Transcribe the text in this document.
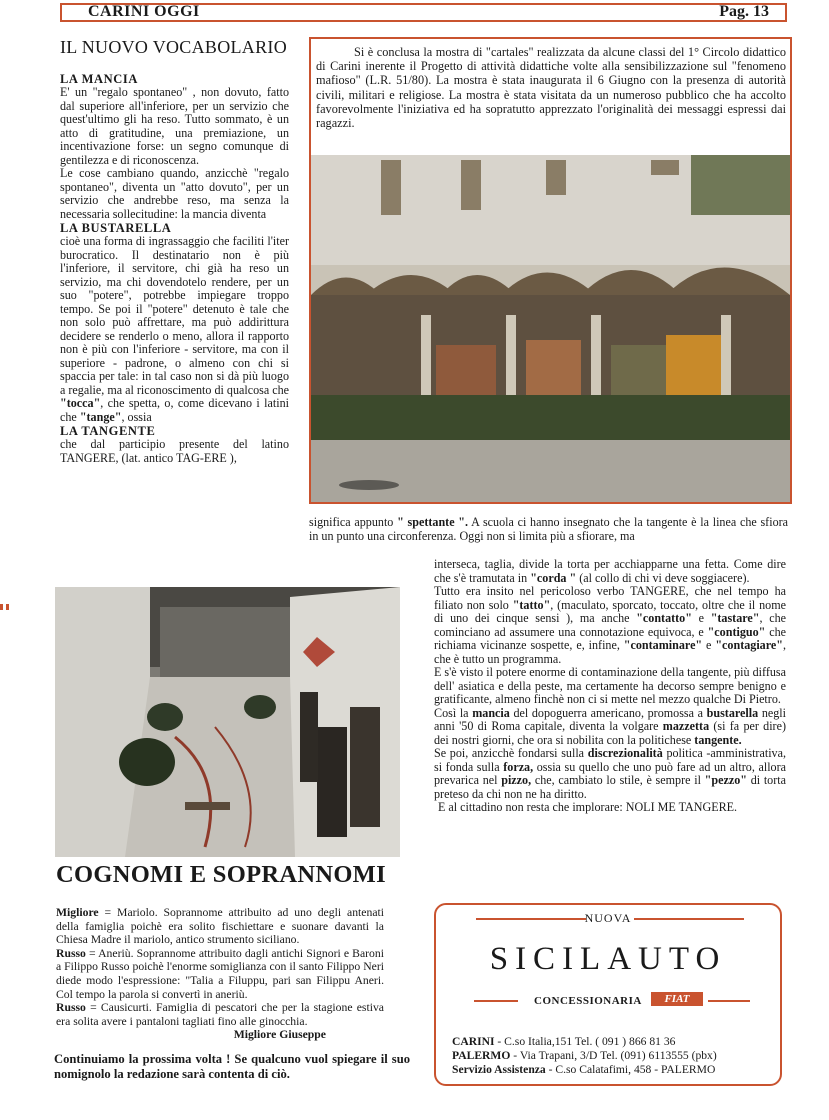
CARINI OGGI	Pag. 13
IL NUOVO VOCABOLARIO

LA MANCIA

E' un "regalo spontaneo" , non dovuto, fatto dal superiore all'inferiore, per un servizio che quest'ultimo gli ha reso. Tutto sommato, è un atto di gratitudine, una premiazione, un incentivazione forse: un segno comunque di gentilezza e di riconoscenza.

Le cose cambiano quando, anzicchè "regalo spontaneo", diventa un "atto dovuto", per un servizio che andrebbe reso, ma senza la necessaria sollecitudine: la mancia diventa

LA BUSTARELLA

cioè una forma di ingrassaggio che faciliti l'iter burocratico. Il destinatario non è più l'inferiore, il servitore, chi già ha reso un servizio, ma chi dovendotelo rendere, per un suo "potere", potrebbe impiegare troppo tempo. Se poi il "potere" detenuto è tale che non solo può affrettare, ma può addirittura decidere se renderlo o meno, allora il rapporto non è più con l'inferiore - servitore, ma con il superiore - padrone, o almeno con chi si spaccia per tale: in tal caso non si dà più luogo a regalie, ma al riconoscimento di qualcosa che "tocca", che spetta, o, come dicevano i latini che "tange", ossia

LA TANGENTE

che dal participio presente del latino TANGERE, (lat. antico TAG-ERE ),

Si è conclusa la mostra di "cartales" realizzata da alcune classi del 1° Circolo didattico di Carini inerente il Progetto di attività didattiche volte alla sensibilizzazione sul "fenomeno mafioso" (L.R. 51/80). La mostra è stata inaugurata il 6 Giugno con la presenza di autorità civili, militari e religiose. La mostra è stata visitata da un numeroso pubblico che ha accolto favorevolmente l'iniziativa ed ha sopratutto apprezzato l'originalità dei messaggi espressi dai ragazzi.

significa appunto " spettante ". A scuola ci hanno insegnato che la tangente è la linea che sfiora in un punto una circonferenza. Oggi non si limita più a sfiorare, ma

interseca, taglia, divide la torta per acchiapparne una fetta. Come dire che s'è tramutata in "corda " (al collo di chi vi deve soggiacere).

Tutto era insito nel pericoloso verbo TANGERE, che nel tempo ha filiato non solo "tatto", (maculato, sporcato, toccato, oltre che il nome di uno dei cinque sensi ), ma anche "contatto" e "tastare", che cominciano ad assumere una connotazione equivoca, e "contiguo" che richiama vicinanze sospette, e, infine, "contaminare" e "contagiare", che è tutto un programma.

E s'è visto il potere enorme di contaminazione della tangente, più diffusa dell' asiatica e della peste, ma certamente ha decorso sempre benigno e gratificante, almeno finchè non ci si mette nel mezzo qualche Di Pietro.

Così la mancia del dopoguerra americano, promossa a bustarella negli anni '50 di Roma capitale, diventa la volgare mazzetta (si fa per dire) dei nostri giorni, che ora si nobilita con la politichese tangente.

Se poi, anzicchè fondarsi sulla discrezionalità politica -amministrativa, si fonda sulla forza, ossia su quello che uno può fare ad un altro, allora prevarica nel pizzo, che, cambiato lo stile, è sempre il "pezzo" di torta preteso da chi non ne ha diritto.

E al cittadino non resta che implorare: NOLI ME TANGERE.

COGNOMI E SOPRANNOMI

Migliore = Mariolo. Soprannome attribuito ad uno degli antenati della famiglia poichè era solito fischiettare e suonare davanti la Chiesa Madre il mariolo, antico strumento siciliano.

Russo = Aneriù. Soprannome attribuito dagli antichi Signori e Baroni a Filippo Russo poichè l'enorme somiglianza con il santo Filippo Neri diede modo l'espressione: "Talia a Filuppu, pari san Filippu Aneri. Col tempo la parola si convertì in aneriù.

Russo = Causicurti. Famiglia di pescatori che per la stagione estiva era solita avere i pantaloni tagliati fino alle ginocchia.

Migliore Giuseppe

Continuiamo la prossima volta ! Se qualcuno vuol spiegare il suo nomignolo la redazione sarà contenta di ciò.
NUOVA
SICILAUTO
CONCESSIONARIA	FIAT
CARINI - C.so Italia,151 Tel. ( 091 ) 866 81 36
PALERMO - Via Trapani, 3/D Tel. (091) 6113555 (pbx)
Servizio Assistenza - C.so Calatafimi, 458 - PALERMO
